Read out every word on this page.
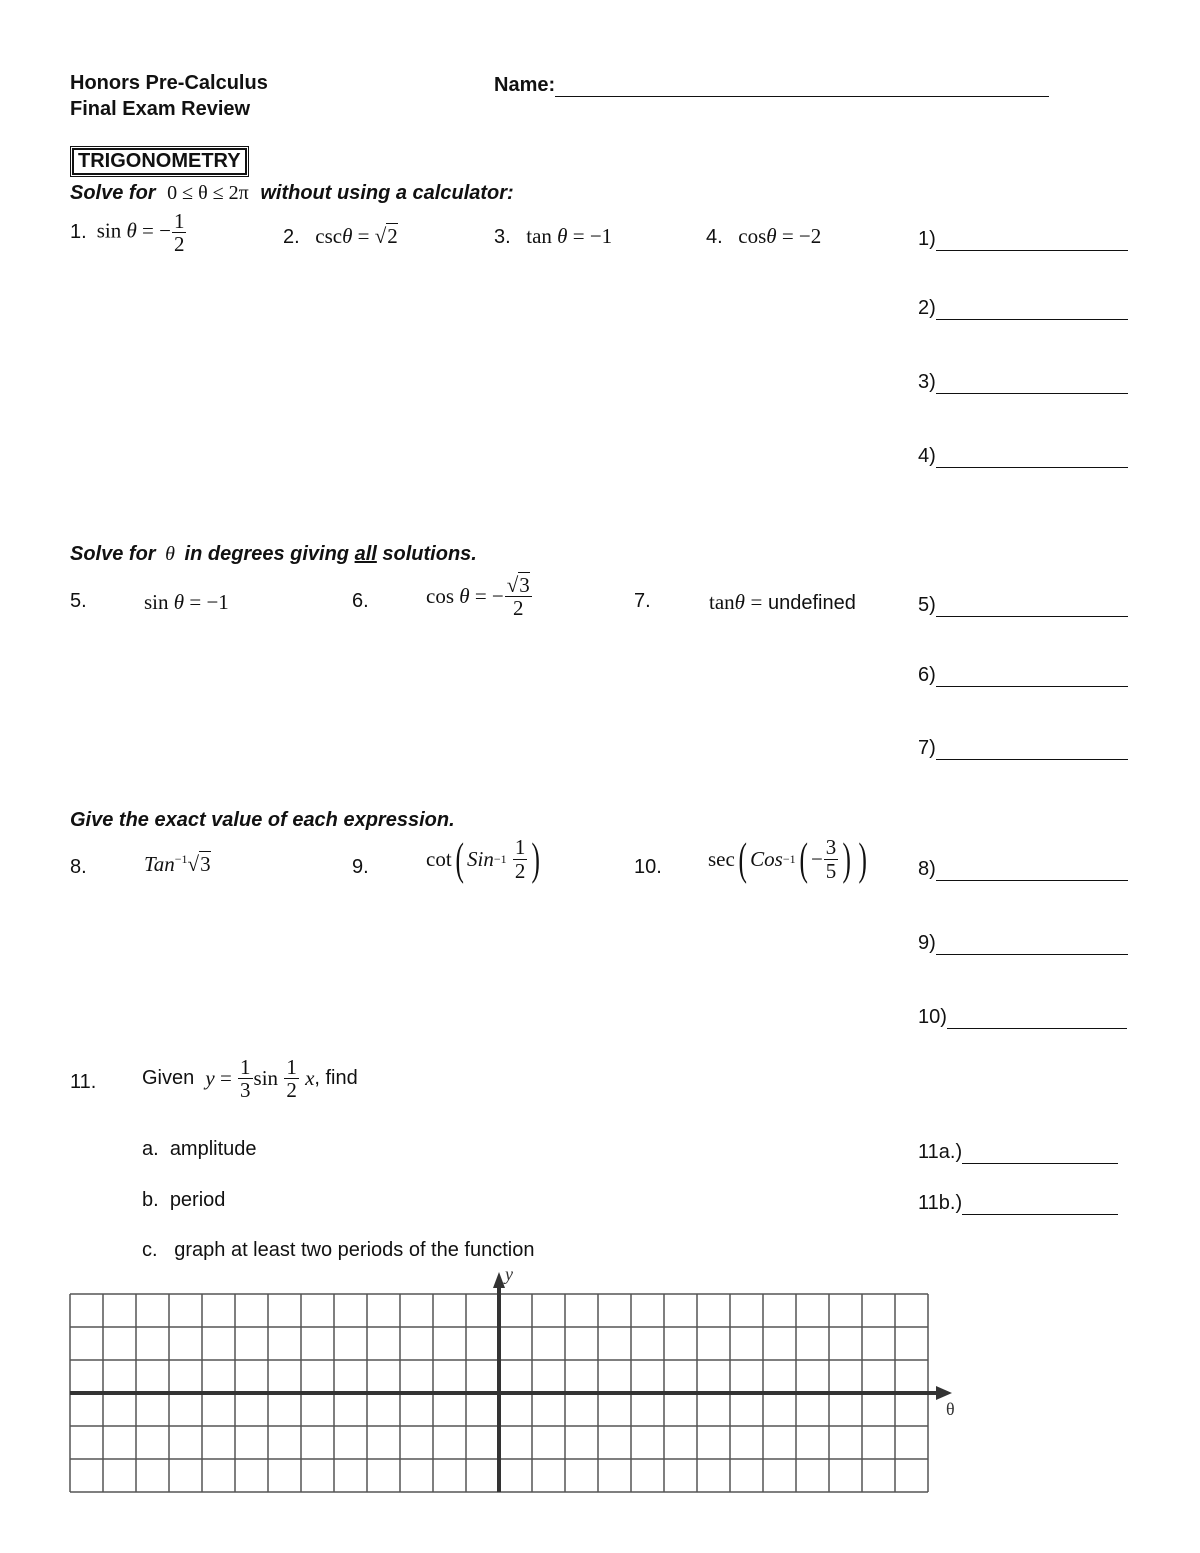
Honors Pre-Calculus
Final Exam Review
Name:
TRIGONOMETRY
Solve for 0 ≤ θ ≤ 2π without using a calculator:
1. sin θ = − $\frac{1}{2}$	2. cscθ = √2	3. tan θ = −1	4. cosθ = −2
Solve for θ in degrees giving all solutions.
5.	sin θ = −1	6.	cos
θ
=
− $\frac{√3}{2}$	7.	tanθ = undefined
Give the exact value of each expression.
8.	Tan$^{-1}$√3	9.	cot ( Sin −1
$\frac{1}{2}$ )	10. sec ( Cos −1 ( − $\frac{3}{5}$ ) )
11. Given
y
=
$\frac{1}{3}$ sin
$\frac{1}{2}$
x , find
a. amplitude
b. period
c. graph at least two periods of the function
1)
2)
3)
4)
5)
6)
7)
8)
9)
10)
11a.)
11b.)
y
θ
